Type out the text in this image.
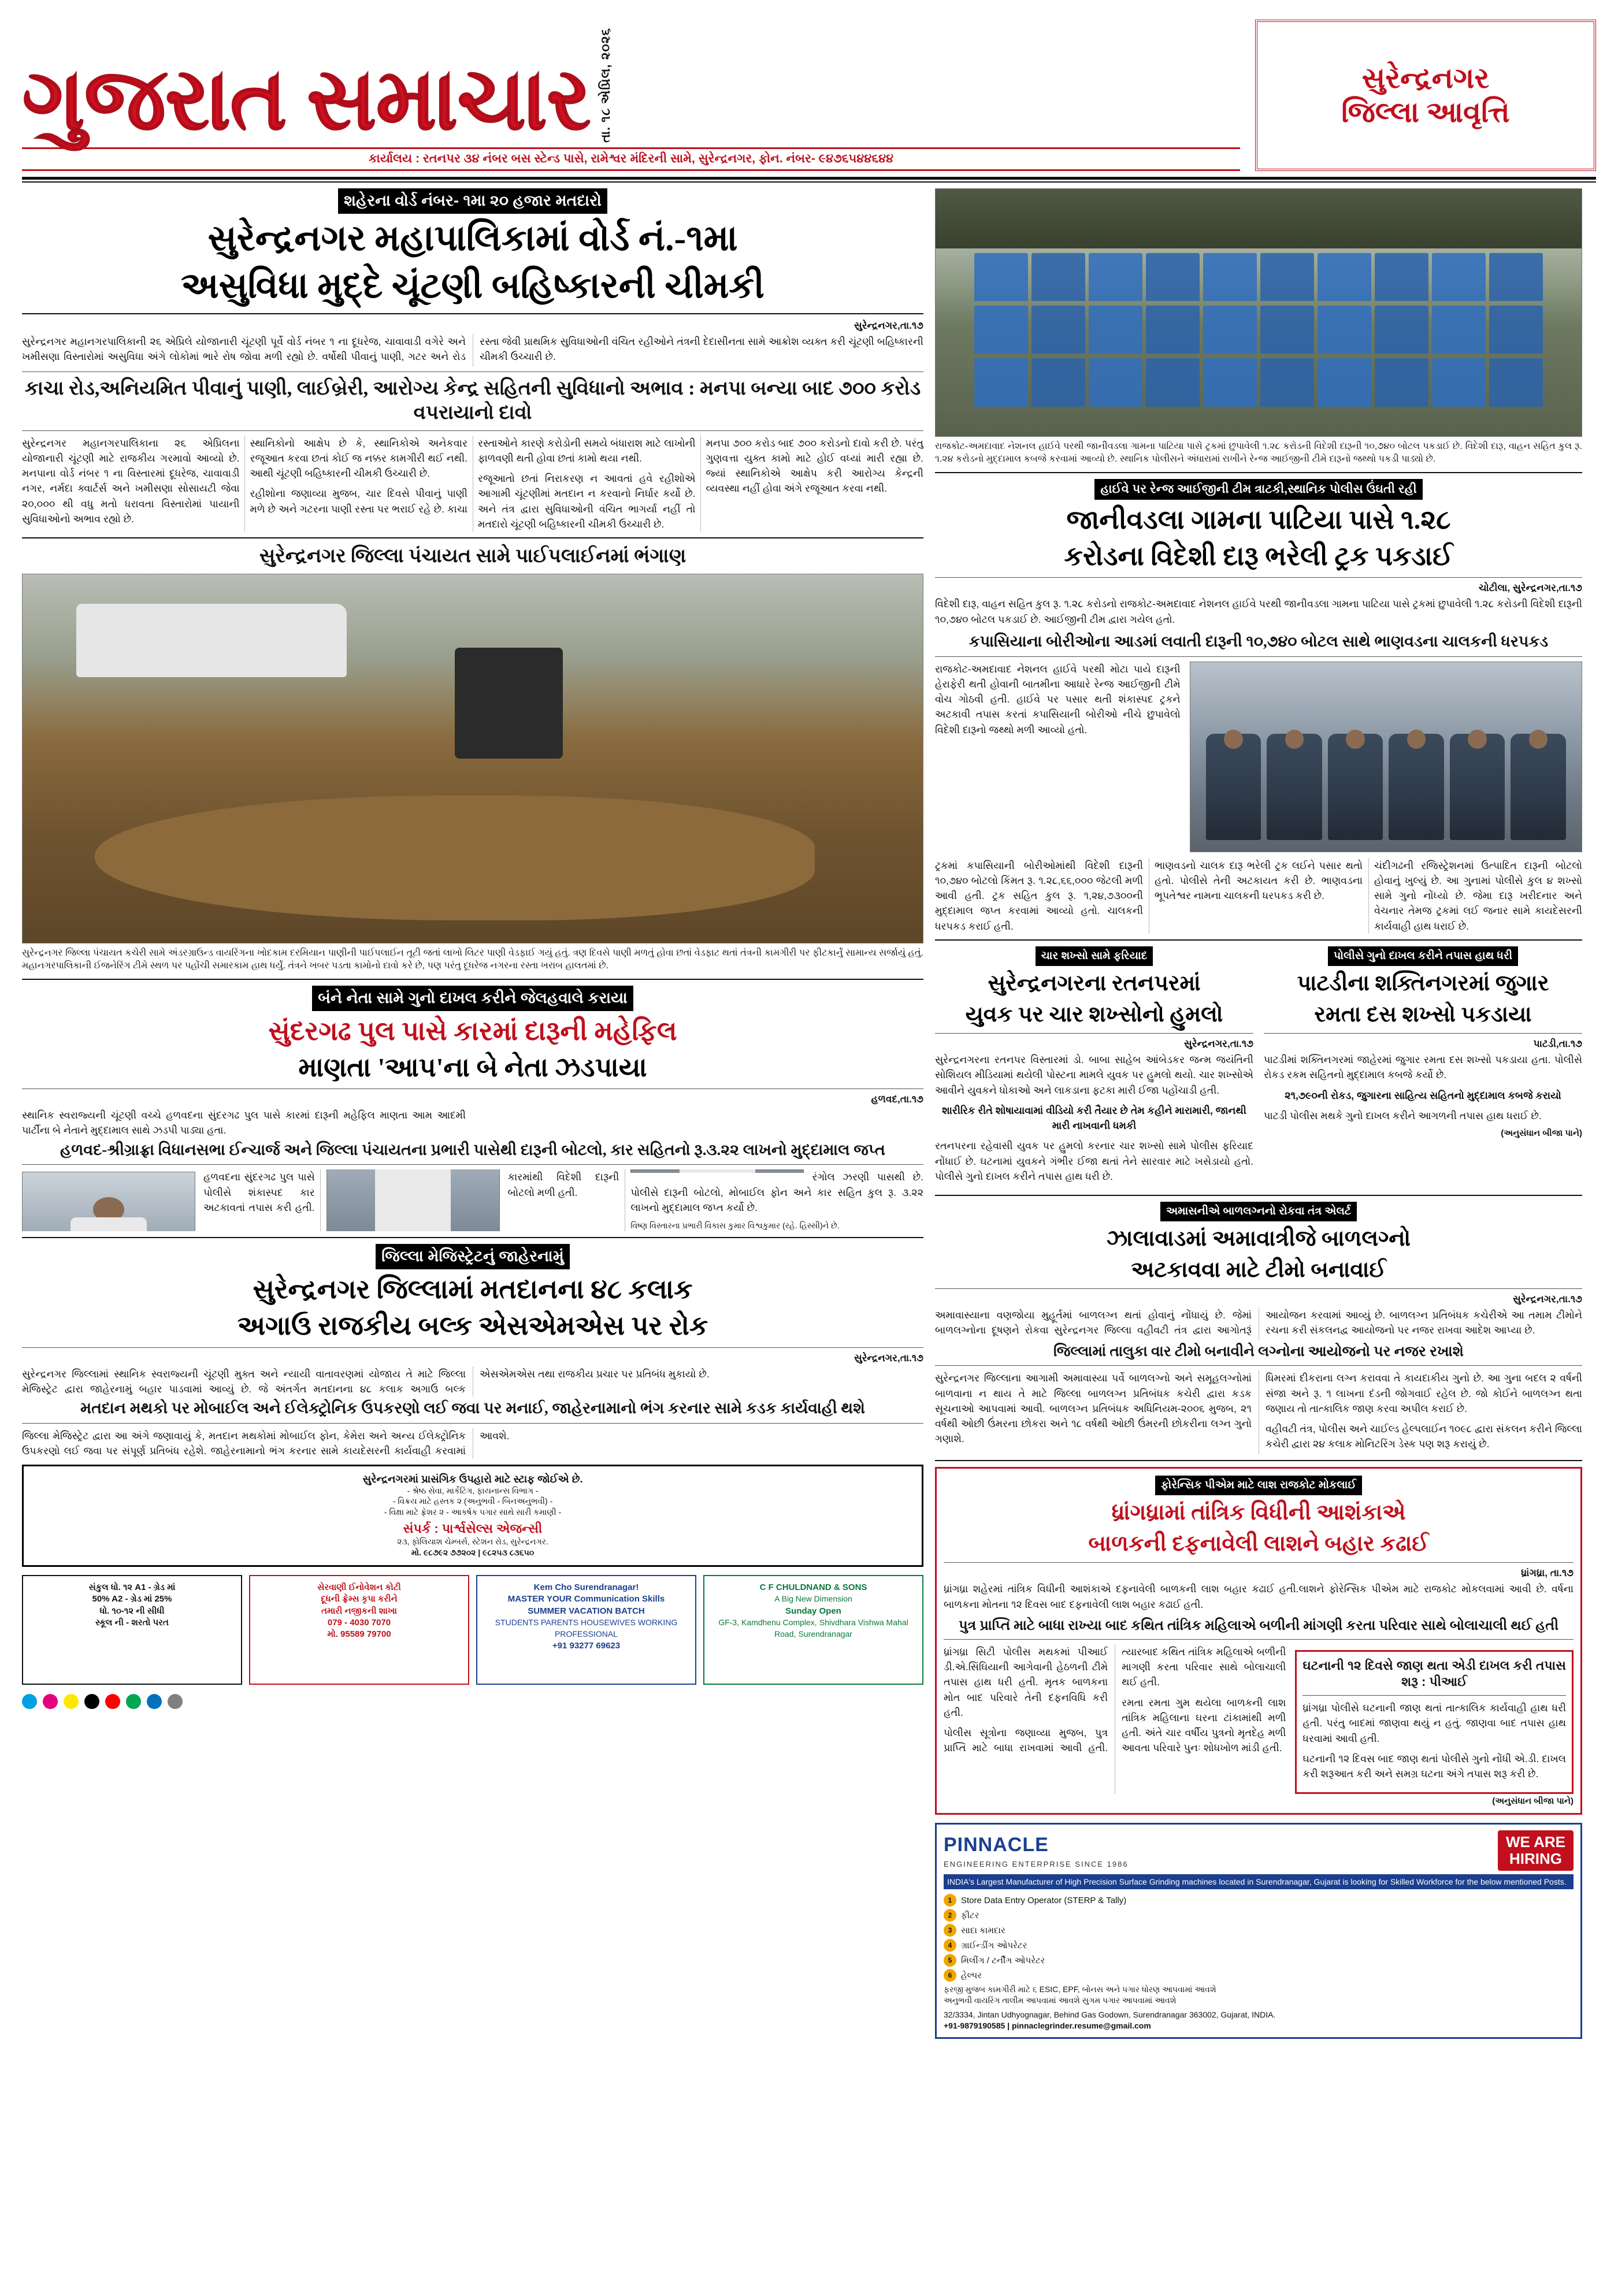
ગુજરાત સમાચાર તા. ૧૮ એપ્રિલ, ૨૦૨૬
કાર્યાલય : રતનપર ૩૪ નંબર બસ સ્ટેન્ડ પાસે, રામેશ્વર મંદિરની સામે, સુરેન્દ્રનગર, ફોન. નંબર- ૯૪૭૬૫૪૪૬૪૪
સુરેન્દ્રનગર
જિલ્લા આવૃત્તિ
શહેરના વોર્ડ નંબર- ૧મા ૨૦ હજાર મતદારો
સુરેન્દ્રનગર મહાપાલિકામાં વોર્ડ નં.-૧મા
અસુવિધા મુદ્દે ચૂંટણી બહિષ્કારની ચીમકી
સુરેન્દ્રનગર,તા.૧૭

સુરેન્દ્રનગર મહાનગરપાલિકાની ૨૬ એપ્રિલે યોજાનારી ચૂંટણી પૂર્વે વોર્ડ નંબર ૧ ના દૂધરેજ, ચાવાવાડી વગેરે અને ખમીસણા વિસ્તારોમાં અસુવિધા અંગે લોકોમાં ભારે રોષ જોવા મળી રહ્યો છે. વર્ષોથી પીવાનું પાણી, ગટર અને રોડ રસ્તા જેવી પ્રાથમિક સુવિધાઓની વંચિત રહીઓને તંત્રની દેદાસીનતા સામે આક્રોશ વ્યક્ત કરી ચૂંટણી બહિષ્કારની ચીમકી ઉચ્ચારી છે.

કાચા રોડ,અનિયમિત પીવાનું પાણી, લાઈબ્રેરી, આરોગ્ય કેન્દ્ર સહિતની સુવિધાનો અભાવ : મનપા બન્યા બાદ ૭૦૦ કરોડ વપરાયાનો દાવો

સુરેન્દ્રનગર મહાનગરપાલિકાના ૨૬ એપ્રિલના યોજાનારી ચૂંટણી માટે રાજકીય ગરમાવો આવ્યો છે. મનપાના વોર્ડ નંબર ૧ ના વિસ્તારમાં દૂધરેજ, ચાવાવાડી નગર, નર્મદા ક્વાર્ટર્સ અને ખમીસણા સોસાયટી જેવા ૨૦,૦૦૦ થી વધુ મતો ધરાવતા વિસ્તારોમાં પાયાની સુવિધાઓનો અભાવ રહ્યો છે.

સ્થાનિકોનો આક્ષેપ છે કે, સ્થાનિકોએ અનેકવાર રજૂઆત કરવા છતાં કોઈ જ નક્કર કામગીરી થઈ નથી. આથી ચૂંટણી બહિષ્કારની ચીમકી ઉચ્ચારી છે.

રહીશોના જણાવ્યા મુજબ, ચાર દિવસે પીવાનું પાણી મળે છે અને ગટરના પાણી રસ્તા પર ભરાઈ રહે છે. કાચા રસ્તાઓને કારણે કરોડોની સમયે બંધારાશ માટે લાખોની ફાળવણી થતી હોવા છતાં કામો થયા નથી.

રજૂઆતો છતાં નિરાકરણ ન આવતાં હવે રહીશોએ આગામી ચૂંટણીમાં મતદાન ન કરવાનો નિર્ધાર કર્યો છે. અને તંત્ર દ્વારા સુવિધાઓની વંચિત ભાગર્યા નહીં તો મતદારો ચૂંટણી બહિષ્કારની ચીમકી ઉચ્ચારી છે.

મનપા ૭૦૦ કરોડ બાદ ૭૦૦ કરોડનો દાવો કરી છે. પરંતુ ગુણવત્તા યુક્ત કામો માટે હોઈ વધ્યાં મારી રહ્યા છે. જ્યાં સ્થાનિકોએ આક્ષેપ કરી આરોગ્ય કેન્દ્રની વ્યવસ્થા નહીં હોવા અંગે રજૂઆત કરવા નથી.

સુરેન્દ્રનગર જિલ્લા પંચાયત સામે પાઈપલાઈનમાં ભંગાણ
સુરેન્દ્રનગર જિલ્લા પંચાયત કચેરી સામે અંડરગ્રાઉન્ડ વાયરિંગના ખોદકામ દરમિયાન પાણીની પાઈપલાઈન તૂટી જતાં લાખો લિટર પાણી વેડફાઈ ગયું હતું. ત્રણ દિવસે પાણી મળતું હોવા છતાં વેડફાટ થતાં તંત્રની કામગીરી પર ફીટકાર્નું સામાન્ય સર્જાયું હતું. મહાનગરપાલિકાની ઈજનેરિંગ ટીમે સ્થળ પર પહોંચી સમારકામ હાથ ધર્યું. તંત્રને ખબર પડતા કામોનો દાવો કરે છે, પણ પરંતુ દૂધરેજ નગરના રસ્તા ખરાબ હાલતમાં છે.
બંને નેતા સામે ગુનો દાખલ કરીને જેલહવાલે કરાયા
સુંદરગઢ પુલ પાસે કારમાં દારૂની મહેફિલ
માણતા 'આપ'ના બે નેતા ઝડપાયા
હળવદ,તા.૧૭

સ્થાનિક સ્વરાજ્યની ચૂંટણી વચ્ચે હળવદના સુંદરગઢ પુલ પાસે કારમાં દારૂની મહેફિલ માણતા આમ આદમી પાર્ટીના બે નેતાને મુદ્દામાલ સાથે ઝડપી પાડ્યા હતા.

હળવદ-શ્રીગ્રાફ્રા વિધાનસભા ઈન્ચાર્જ અને જિલ્લા પંચાયતના પ્રભારી પાસેથી દારૂની બોટલો, કાર સહિતનો રૂ.૩.૨૨ લાખનો મુદ્દામાલ જપ્ત

હળવદના સુંદરગઢ પુલ પાસે પોલીસે શંકાસ્પદ કાર અટકાવતાં તપાસ કરી હતી. કારમાંથી વિદેશી દારૂની બોટલો મળી હતી.

રંગોલ ઝરણી પાસથી છે. પોલીસે દારૂની બોટલો, મોબાઈલ ફોન અને કાર સહિત કુલ રૂ. ૩.૨૨ લાખનો મુદ્દામાલ જપ્ત કર્યો છે.

વિષ્ણ વિસ્તારના પ્રભારી વિકાસ કુમાર વિશ્વકુમાર (રહે. હિસ્સી)ને છે.

જિલ્લા મેજિસ્ટ્રેટનું જાહેરનામું
સુરેન્દ્રનગર જિલ્લામાં મતદાનના ૪૮ કલાક
અગાઉ રાજકીય બલ્ક એસએમએસ પર રોક
સુરેન્દ્રનગર,તા.૧૭

સુરેન્દ્રનગર જિલ્લામાં સ્થાનિક સ્વરાજ્યની ચૂંટણી મુક્ત અને ન્યાયી વાતાવરણમાં યોજાય તે માટે જિલ્લા મેજિસ્ટ્રેટ દ્વારા જાહેરનામું બહાર પાડવામાં આવ્યું છે. જે અંતર્ગત મતદાનના ૪૮ કલાક અગાઉ બલ્ક એસએમએસ તથા રાજકીય પ્રચાર પર પ્રતિબંધ મુકાયો છે.

મતદાન મથકો પર મોબાઈલ અને ઈલેક્ટ્રોનિક ઉપકરણો લઈ જવા પર મનાઈ, જાહેરનામાનો ભંગ કરનાર સામે કડક કાર્યવાહી થશે

જિલ્લા મેજિસ્ટ્રેટ દ્વારા આ અંગે જણાવાયું કે, મતદાન મથકોમાં મોબાઈલ ફોન, કેમેરા અને અન્ય ઈલેક્ટ્રોનિક ઉપકરણો લઈ જવા પર સંપૂર્ણ પ્રતિબંધ રહેશે. જાહેરનામાનો ભંગ કરનાર સામે કાયદેસરની કાર્યવાહી કરવામાં આવશે.

સુરેન્દ્રનગરમાં પ્રાસંગિક ઉપહારો માટે સ્ટાફ જોઈએ છે.
- શ્રેષ્ઠ સેવા, માર્કેટિંગ, ફાયનાન્સ વિભાગ -
- વિક્રય માટે હસ્તક ૨ (અનુભવી - બિનઅનુભવી) -
- વિક્ષા માટે ફ્રેશર ૨ - આકર્ષક પગાર સાથે સારી કમાણી -
સંપર્ક : પાર્શ્વસેલ્સ એજન્સી
૨૩, ફોલિયાશ ચેમ્બર્સ, સ્ટેશન રોડ, સુરેન્દ્રનગર.
મો. ૯૮૭૯૨ ૭૭૨૦૨ | ૯૮૨૫૩ ૮૩૬૫૦
સંકુલ ધો. ૧૨ A1 - ગ્રેડ માં
50% A2 - ગ્રેડ માં 25%
ધો. ૧૦-૧૨ ની સીધી
સ્કૂલ ની - શરતો પરત
સેરવાણી ઈનોવેશન કોટી
દૂધની ફ્રેમ્સ કૃપા કરીને
તમારી નજીકની શાખા
079 - 4030 7070
મો. 95589 79700
Kem Cho Surendranagar!
MASTER YOUR Communication Skills
SUMMER VACATION BATCH
STUDENTS PARENTS HOUSEWIVES WORKING PROFESSIONAL
+91 93277 69623
C F CHULDNAND & SONS
A Big New Dimension
Sunday Open
GF-3, Kamdhenu Complex, Shivdhara Vishwa Mahal Road, Surendranagar
રાજકોટ-અમદાવાદ નેશનલ હાઈવે પરથી જાનીવડલા ગામના પાટિયા પાસે ટ્રકમાં છુપાવેલી ૧.૨૮ કરોડની વિદેશી દારૂની ૧૦,૭૪૦ બોટલ પકડાઈ છે. વિદેશી દારૂ, વાહન સહિત કુલ રૂ. ૧.૨૪ કરોડનો મુદ્દામાલ કબજે કરવામાં આવ્યો છે. સ્થાનિક પોલીસને અંધારામાં રાખીને રેન્જ આઈજીની ટીમે દારૂનો જથ્થો પકડી પાડ્યો છે.
હાઈવે પર રેન્જ આઈજીની ટીમ ત્રાટકી,સ્થાનિક પોલીસ ઉંઘતી રહી
જાનીવડલા ગામના પાટિયા પાસે ૧.૨૮
કરોડના વિદેશી દારૂ ભરેલી ટ્રક પકડાઈ
ચોટીલા, સુરેન્દ્રનગર,તા.૧૭

વિદેશી દારૂ, વાહન સહિત કુલ રૂ. ૧.૨૮ કરોડનો રાજકોટ-અમદાવાદ નેશનલ હાઈવે પરથી જાનીવડલા ગામના પાટિયા પાસે ટ્રકમાં છુપાવેલી ૧.૨૮ કરોડની વિદેશી દારૂની ૧૦,૭૪૦ બોટલ પકડાઈ છે. આઈજીની ટીમ દ્વારા ગયેલ હતો.

કપાસિયાના બોરીઓના આડમાં લવાતી દારૂની ૧૦,૭૪૦ બોટલ સાથે ભાણવડના ચાલકની ધરપકડ

રાજકોટ-અમદાવાદ નેશનલ હાઈવે પરથી મોટા પાયે દારૂની હેરાફેરી થતી હોવાની બાતમીના આધારે રેન્જ આઈજીની ટીમે વોચ ગોઠવી હતી. હાઈવે પર પસાર થતી શંકાસ્પદ ટ્રકને અટકાવી તપાસ કરતાં કપાસિયાની બોરીઓ નીચે છુપાવેલો વિદેશી દારૂનો જથ્થો મળી આવ્યો હતો.

ટ્રકમાં કપાસિયાની બોરીઓમાંથી વિદેશી દારૂની ૧૦,૭૪૦ બોટલો કિંમત રૂ. ૧.૨૮,૬૬,૦૦૦ જેટલી મળી આવી હતી. ટ્રક સહિત કુલ રૂ. ૧,૨૪,૭૩૦૦ની મુદ્દામાલ જપ્ત કરવામાં આવ્યો હતો. ચાલકની ધરપકડ કરાઈ હતી.

ભાણવડનો ચાલક દારૂ ભરેલી ટ્રક લઈને પસાર થતો હતો. પોલીસે તેની અટકાયત કરી છે. ભાણવડના ભૂપતેશ્વર નામના ચાલકની ધરપકડ કરી છે.

ચંદીગઢની રજિસ્ટ્રેશનમાં ઉત્પાદિત દારૂની બોટલો હોવાનું ખુલ્યું છે. આ ગુનામાં પોલીસે કુલ ૪ શખ્સો સામે ગુનો નોંધ્યો છે. જેમા દારૂ ખરીદનાર અને વેચનાર તેમજ ટ્રકમાં લઈ જનાર સામે કાયદેસરની કાર્યવાહી હાથ ધરાઈ છે.

ચાર શખ્સો સામે ફરિયાદ
સુરેન્દ્રનગરના રતનપરમાં
યુવક પર ચાર શખ્સોનો હુમલો
સુરેન્દ્રનગર,તા.૧૭

સુરેન્દ્રનગરના રતનપર વિસ્તારમાં ડો. બાબા સાહેબ આંબેડકર જન્મ જયંતિની સોશિયલ મીડિયામાં થયેલી પોસ્ટના મામલે યુવક પર હુમલો થયો. ચાર શખ્સોએ આવીને યુવકને ધોકાઓ અને લાકડાના ફટકા મારી ઈજા પહોંચાડી હતી.

શારીરિક રીતે શોષાયાવામાં વીડિયો કરી તૈયાર છે તેમ કહીને મારામારી, જાનથી મારી નાખવાની ધમકી

રતનપરના રહેવાસી યુવક પર હુમલો કરનાર ચાર શખ્સો સામે પોલીસ ફરિયાદ નોંધાઈ છે. ઘટનામાં યુવકને ગંભીર ઈજા થતાં તેને સારવાર માટે ખસેડાયો હતો. પોલીસે ગુનો દાખલ કરીને તપાસ હાથ ધરી છે.

પોલીસે ગુનો દાખલ કરીને તપાસ હાથ ધરી
પાટડીના શક્તિનગરમાં જુગાર
રમતા દસ શખ્સો પકડાયા
પાટડી,તા.૧૭

પાટડીમાં શક્તિનગરમાં જાહેરમાં જુગાર રમતા દસ શખ્સો પકડાયા હતા. પોલીસે રોકડ રકમ સહિતનો મુદ્દામાલ કબજે કર્યો છે.

૨૧,૭૯૦ની રોકડ, જુગારના સાહિત્ય સહિતનો મુદ્દામાલ કબજે કરાયો

પાટડી પોલીસ મથકે ગુનો દાખલ કરીને આગળની તપાસ હાથ ધરાઈ છે.

(અનુસંધાન બીજા પાને)
અમાસનીએ બાળલગ્નનો રોકવા તંત્ર એલર્ટ
ઝાલાવાડમાં અમાવાત્રીજે બાળલગ્નો
અટકાવવા માટે ટીમો બનાવાઈ
સુરેન્દ્રનગર,તા.૧૭

અમાવાસ્યાના વણજોયા મુહૂર્તમાં બાળલગ્ન થતાં હોવાનું નોંધાયું છે. જેમાં બાળલગ્નોના દૂષણને રોકવા સુરેન્દ્રનગર જિલ્લા વહીવટી તંત્ર દ્વારા આગોતરૂં આયોજન કરવામાં આવ્યું છે. બાળલગ્ન પ્રતિબંધક કચેરીએ આ તમામ ટીમોને રચના કરી સંકલનદ્વ આયોજનો પર નજર રાખવા આદેશ આપ્યા છે.

જિલ્લામાં તાલુકા વાર ટીમો બનાવીને લગ્નોના આયોજનો પર નજર રખાશે

સુરેન્દ્રનગર જિલ્લાના આગામી અમાવાસ્યા પર્વે બાળલગ્નો અને સમૂહલગ્નોમાં બાળવાના ન થાય તે માટે જિલ્લા બાળલગ્ન પ્રતિબંધક કચેરી દ્વારા કડક સૂચનાઓ આપવામાં આવી. બાળલગ્ન પ્રતિબંધક અધિનિયમ-૨૦૦૬ મુજબ, ૨૧ વર્ષથી ઓછી ઉંમરના છોકરા અને ૧૮ વર્ષથી ઓછી ઉંમરની છોકરીના લગ્ન ગુનો ગણાશે.

ધિમરમાં દીકરાના લગ્ન કરાવવા તે કાયદાકીય ગુનો છે. આ ગુના બદલ ૨ વર્ષની સંજા અને રૂ. ૧ લાખના દંડની જોગવાઈ રહેલ છે. જો કોઈને બાળલગ્ન થતા જણાય તો તાત્કાલિક જાણ કરવા અપીલ કરાઈ છે.

વહીવટી તંત્ર, પોલીસ અને ચાઈલ્ડ હેલ્પલાઈન ૧૦૯૮ દ્વારા સંકલન કરીને જિલ્લા કચેરી દ્વારા ૨૪ કલાક મોનિટરિંગ ડેસ્ક પણ શરૂ કરાયું છે.

ફોરેન્સિક પીએમ માટે લાશ રાજકોટ મોકલાઈ
ધ્રાંગધ્રામાં તાંત્રિક વિધીની આશંકાએ
બાળકની દફનાવેલી લાશને બહાર કઢાઈ
ધ્રાંગધ્રા, તા.૧૭

ધ્રાંગધ્રા શહેરમાં તાંત્રિક વિધીની આશંકાએ દફનાવેલી બાળકની લાશ બહાર કઢાઈ હતી.લાશને ફોરેન્સિક પીએમ માટે રાજકોટ મોકલવામાં આવી છે. વર્ષના બાળકના મોતના ૧૨ દિવસ બાદ દફનાવેલી લાશ બહાર કઢાઈ હતી.

પુત્ર પ્રાપ્તિ માટે બાધા રાખ્યા બાદ કથિત તાંત્રિક મહિલાએ બળીની માંગણી કરતા પરિવાર સાથે બોલાચાલી થઈ હતી

ધ્રાંગધ્રા સિટી પોલીસ મથકમાં પીઆઈ ડી.એ.સિંઘિયાની આગેવાની હેઠળની ટીમે તપાસ હાથ ધરી હતી. મૃતક બાળકના મોત બાદ પરિવારે તેની દફનવિધિ કરી હતી.

પોલીસ સૂત્રોના જણાવ્યા મુજબ, પુત્ર પ્રાપ્તિ માટે બાધા રાખવામાં આવી હતી. ત્યારબાદ કથિત તાંત્રિક મહિલાએ બળીની માગણી કરતા પરિવાર સાથે બોલાચાલી થઈ હતી.

રમતા રમતા ગુમ થયેલા બાળકની લાશ તાંત્રિક મહિલાના ઘરના ટાંકામાંથી મળી હતી. અંતે ચાર વર્ષીય પુત્રનો મૃતદેહ મળી આવતા પરિવારે પુનઃ શોધખોળ માંડી હતી.

ઘટનાની ૧૨ દિવસે જાણ થતા એડી દાખલ કરી તપાસ શરૂ : પીઆઈ

ધ્રાંગધ્રા પોલીસે ઘટનાની જાણ થતાં તાત્કાલિક કાર્યવાહી હાથ ધરી હતી. પરંતુ બાદમાં જાણવા થયું ન હતું. જાણવા બાદ તપાસ હાથ ધરવામાં આવી હતી.

ઘટનાની ૧૨ દિવસ બાદ જાણ થતાં પોલીસે ગુનો નોંધી એ.ડી. દાખલ કરી શરૂઆત કરી અને સમગ્ર ઘટના અંગે તપાસ શરૂ કરી છે.

(અનુસંધાન બીજા પાને)
PINNACLE
ENGINEERING ENTERPRISE SINCE 1986
WE ARE
HIRING
INDIA's Largest Manufacturer of High Precision Surface Grinding machines located in Surendranagar, Gujarat is looking for Skilled Workforce for the below mentioned Posts.
1	Store Data Entry Operator (STERP & Tally)
2	ફીટર
3	સાદા કામદાર
4	ગ્રાઈન્ડીંગ ઓપરેટર
5	મિલીંગ / ટર્નીંગ ઓપરેટર
6	હેલ્પર
ફરજી મુજબ કામગીરી માટે ૬ ESIC, EPF, બોનસ અને પગાર ધોરણ આપવામાં આવશે
અનુભવી વાયરિંગ તાલીમ આપવામાં આવશે સુગમ પગાર આપવામાં આવશે
32/3334, Jintan Udhyognagar, Behind Gas Godown, Surendranagar 363002, Gujarat, INDIA.
+91-9879190585 | pinnaclegrinder.resume@gmail.com
